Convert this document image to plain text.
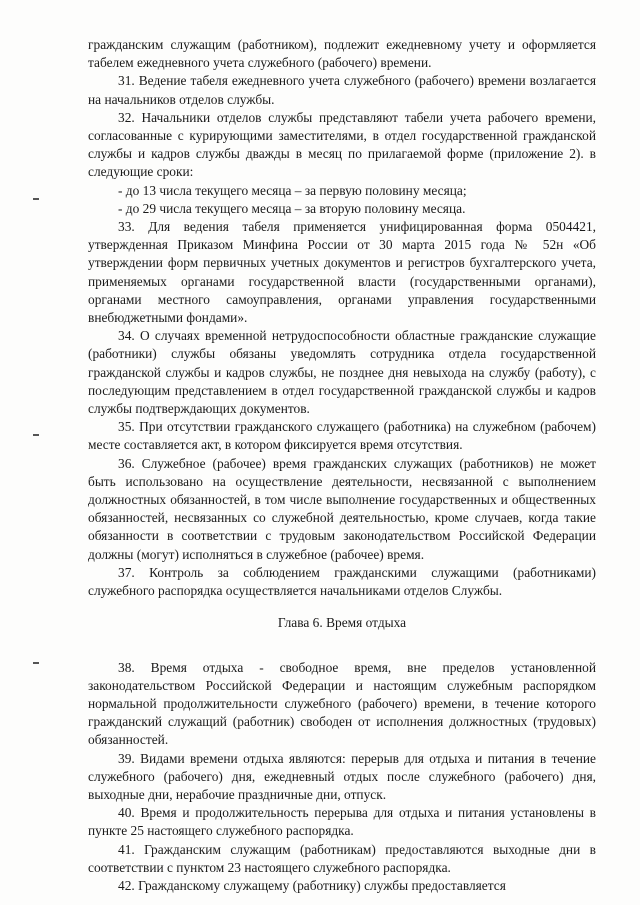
гражданским служащим (работником), подлежит ежедневному учету и оформляется табелем ежедневного учета служебного (рабочего) времени.

31. Ведение табеля ежедневного учета служебного (рабочего) времени возлагается на начальников отделов службы.

32. Начальники отделов службы представляют табели учета рабочего времени, согласованные с курирующими заместителями, в отдел государственной гражданской службы и кадров службы дважды в месяц по прилагаемой форме (приложение 2). в следующие сроки:

- до 13 числа текущего месяца – за первую половину месяца;

- до 29 числа текущего месяца – за вторую половину месяца.

33. Для ведения табеля применяется унифицированная форма 0504421, утвержденная Приказом Минфина России от 30 марта 2015 года № 52н «Об утверждении форм первичных учетных документов и регистров бухгалтерского учета, применяемых органами государственной власти (государственными органами), органами местного самоуправления, органами управления государственными внебюджетными фондами».

34. О случаях временной нетрудоспособности областные гражданские служащие (работники) службы обязаны уведомлять сотрудника отдела государственной гражданской службы и кадров службы, не позднее дня невыхода на службу (работу), с последующим представлением в отдел государственной гражданской службы и кадров службы подтверждающих документов.

35. При отсутствии гражданского служащего (работника) на служебном (рабочем) месте составляется акт, в котором фиксируется время отсутствия.

36. Служебное (рабочее) время гражданских служащих (работников) не может быть использовано на осуществление деятельности, несвязанной с выполнением должностных обязанностей, в том числе выполнение государственных и общественных обязанностей, несвязанных со служебной деятельностью, кроме случаев, когда такие обязанности в соответствии с трудовым законодательством Российской Федерации должны (могут) исполняться в служебное (рабочее) время.

37. Контроль за соблюдением гражданскими служащими (работниками) служебного распорядка осуществляется начальниками отделов Службы.

Глава 6. Время отдыха

38. Время отдыха - свободное время, вне пределов установленной законодательством Российской Федерации и настоящим служебным распорядком нормальной продолжительности служебного (рабочего) времени, в течение которого гражданский служащий (работник) свободен от исполнения должностных (трудовых) обязанностей.

39. Видами времени отдыха являются: перерыв для отдыха и питания в течение служебного (рабочего) дня, ежедневный отдых после служебного (рабочего) дня, выходные дни, нерабочие праздничные дни, отпуск.

40. Время и продолжительность перерыва для отдыха и питания установлены в пункте 25 настоящего служебного распорядка.

41. Гражданским служащим (работникам) предоставляются выходные дни в соответствии с пунктом 23 настоящего служебного распорядка.

42. Гражданскому служащему (работнику) службы предоставляется
